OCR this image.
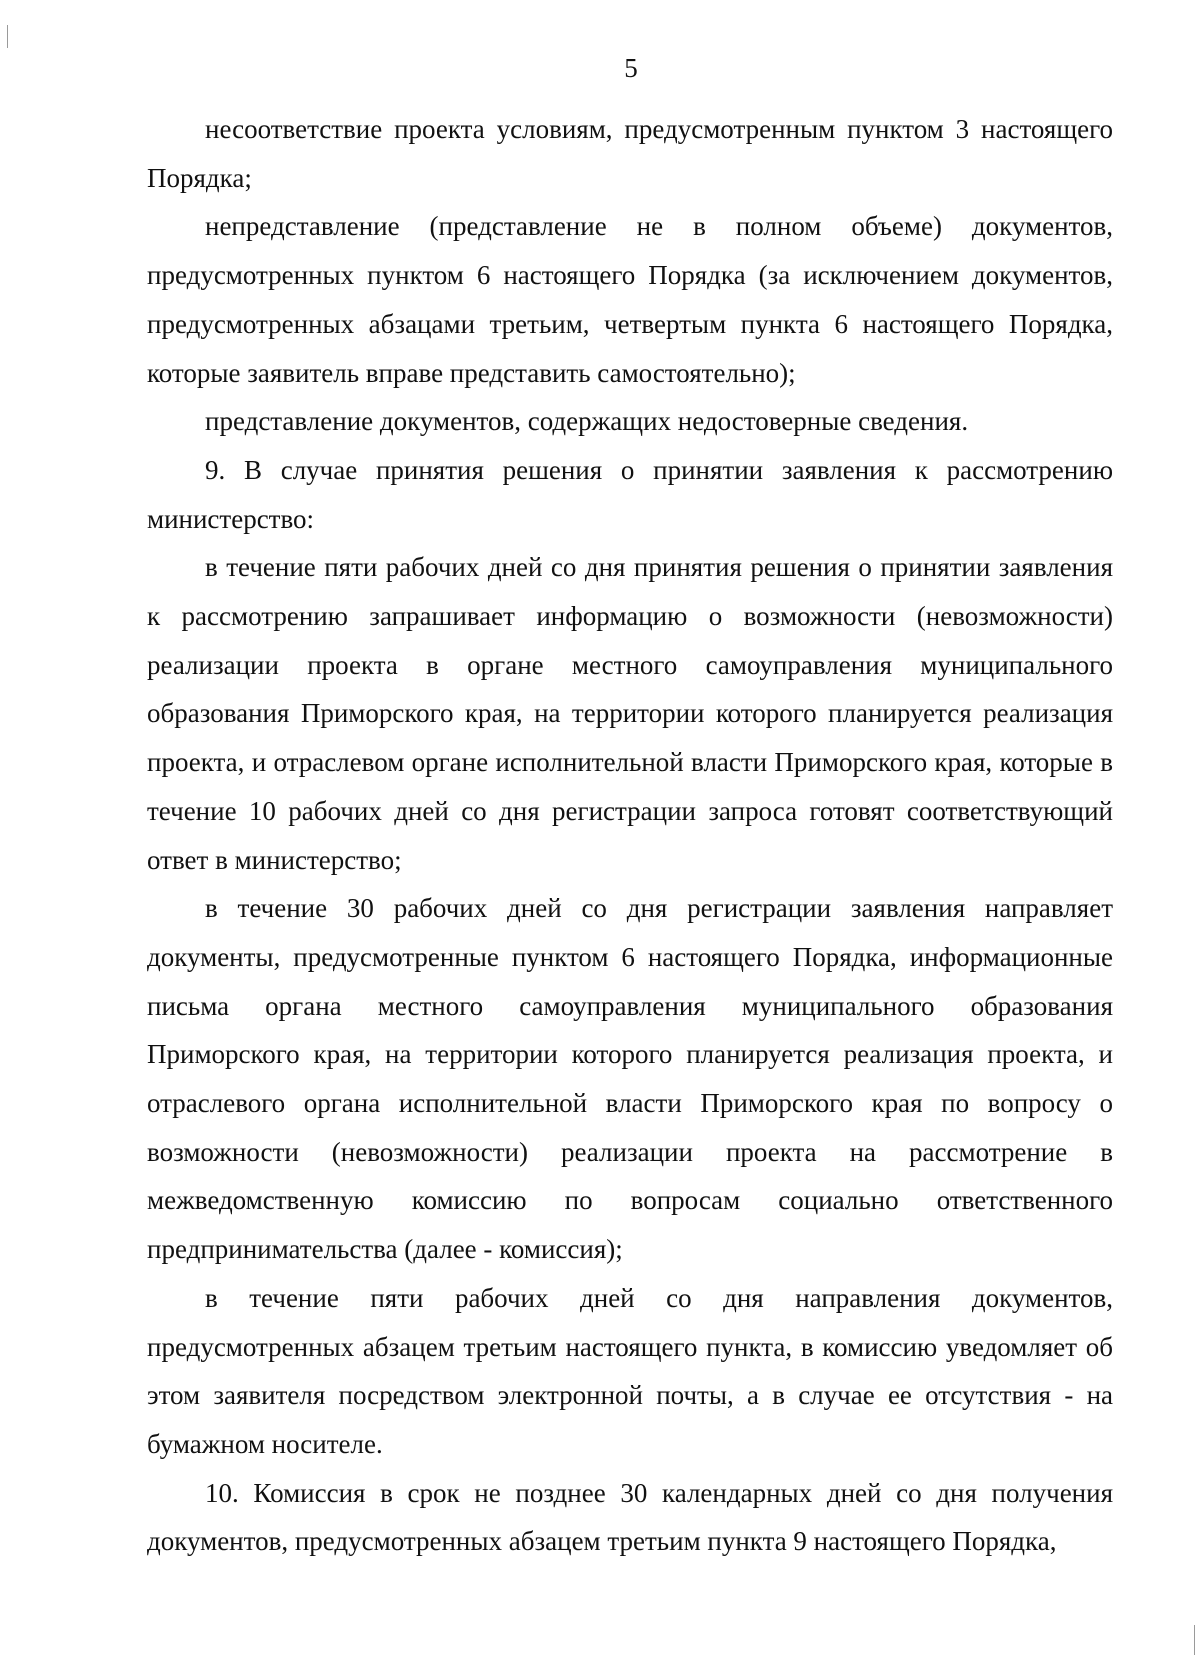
5

несоответствие проекта условиям, предусмотренным пунктом 3 настоящего Порядка;

непредставление (представление не в полном объеме) документов, предусмотренных пунктом 6 настоящего Порядка (за исключением документов, предусмотренных абзацами третьим, четвертым пункта 6 настоящего Порядка, которые заявитель вправе представить самостоятельно);

представление документов, содержащих недостоверные сведения.

9. В случае принятия решения о принятии заявления к рассмотрению министерство:

в течение пяти рабочих дней со дня принятия решения о принятии заявления к рассмотрению запрашивает информацию о возможности (невозможности) реализации проекта в органе местного самоуправления муниципального образования Приморского края, на территории которого планируется реализация проекта, и отраслевом органе исполнительной власти Приморского края, которые в течение 10 рабочих дней со дня регистрации запроса готовят соответствующий ответ в министерство;

в течение 30 рабочих дней со дня регистрации заявления направляет документы, предусмотренные пунктом 6 настоящего Порядка, информационные письма органа местного самоуправления муниципального образования Приморского края, на территории которого планируется реализация проекта, и отраслевого органа исполнительной власти Приморского края по вопросу о возможности (невозможности) реализации проекта на рассмотрение в межведомственную комиссию по вопросам социально ответственного предпринимательства (далее - комиссия);

в течение пяти рабочих дней со дня направления документов, предусмотренных абзацем третьим настоящего пункта, в комиссию уведомляет об этом заявителя посредством электронной почты, а в случае ее отсутствия - на бумажном носителе.

10. Комиссия в срок не позднее 30 календарных дней со дня получения документов, предусмотренных абзацем третьим пункта 9 настоящего Порядка,
